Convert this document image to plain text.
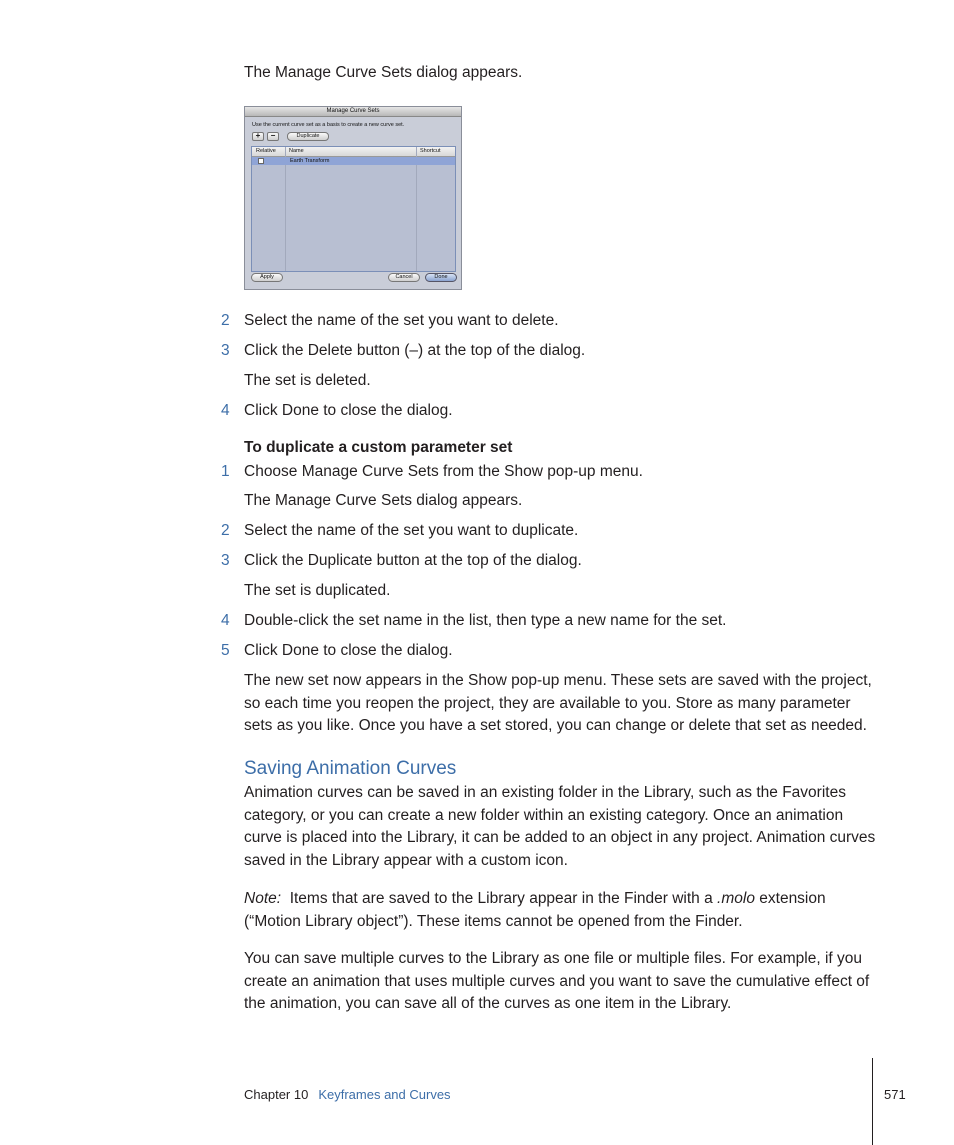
The Manage Curve Sets dialog appears.
Manage Curve Sets
Use the current curve set as a basis to create a new curve set.
+	−	Duplicate
Relative Name	Shortcut
Earth Transform
Apply	Cancel	Done
2 Select the name of the set you want to delete.
3 Click the Delete button (–) at the top of the dialog.
The set is deleted.
4 Click Done to close the dialog.
To duplicate a custom parameter set
1 Choose Manage Curve Sets from the Show pop-up menu.
The Manage Curve Sets dialog appears.
2 Select the name of the set you want to duplicate.
3 Click the Duplicate button at the top of the dialog.
The set is duplicated.
4 Double-click the set name in the list, then type a new name for the set.
5 Click Done to close the dialog.
The new set now appears in the Show pop-up menu. These sets are saved with the project, so each time you reopen the project, they are available to you. Store as many parameter sets as you like. Once you have a set stored, you can change or delete that set as needed.
Saving Animation Curves
Animation curves can be saved in an existing folder in the Library, such as the Favorites category, or you can create a new folder within an existing category. Once an animation curve is placed into the Library, it can be added to an object in any project. Animation curves saved in the Library appear with a custom icon.
Note: Items that are saved to the Library appear in the Finder with a .molo extension (“Motion Library object”). These items cannot be opened from the Finder.
You can save multiple curves to the Library as one file or multiple files. For example, if you create an animation that uses multiple curves and you want to save the cumulative effect of the animation, you can save all of the curves as one item in the Library.
Chapter 10 Keyframes and Curves	571
